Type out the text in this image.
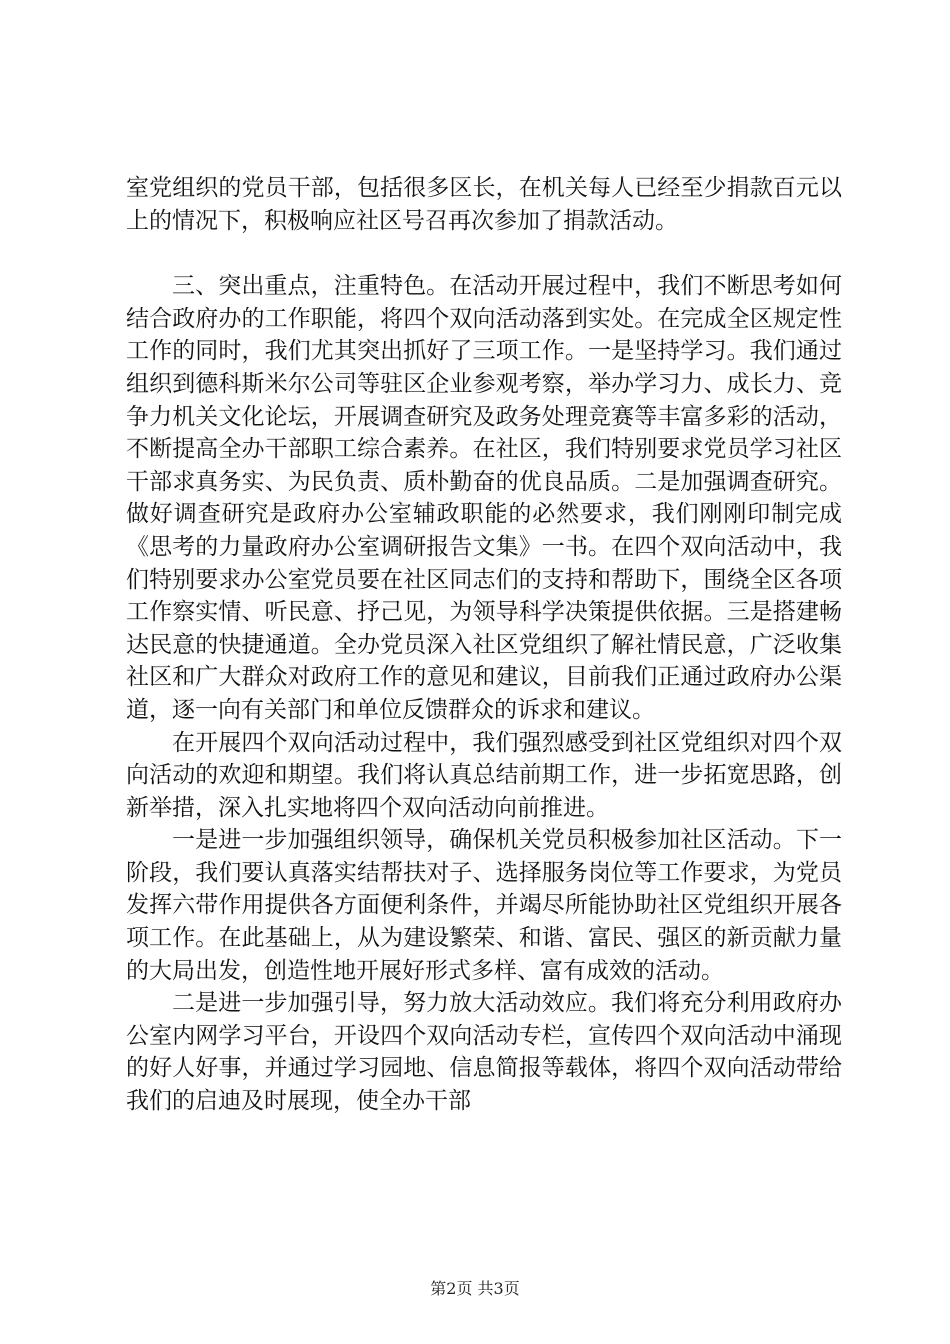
室党组织的党员干部，包括很多区长，在机关每人已经至少捐款百元以上的情况下，积极响应社区号召再次参加了捐款活动。

三、突出重点，注重特色。在活动开展过程中，我们不断思考如何结合政府办的工作职能，将四个双向活动落到实处。在完成全区规定性工作的同时，我们尤其突出抓好了三项工作。一是坚持学习。我们通过组织到德科斯米尔公司等驻区企业参观考察，举办学习力、成长力、竞争力机关文化论坛，开展调查研究及政务处理竞赛等丰富多彩的活动，不断提高全办干部职工综合素养。在社区，我们特别要求党员学习社区干部求真务实、为民负责、质朴勤奋的优良品质。二是加强调查研究。做好调查研究是政府办公室辅政职能的必然要求，我们刚刚印制完成《思考的力量政府办公室调研报告文集》一书。在四个双向活动中，我们特别要求办公室党员要在社区同志们的支持和帮助下，围绕全区各项工作察实情、听民意、抒己见，为领导科学决策提供依据。三是搭建畅达民意的快捷通道。全办党员深入社区党组织了解社情民意，广泛收集社区和广大群众对政府工作的意见和建议，目前我们正通过政府办公渠道，逐一向有关部门和单位反馈群众的诉求和建议。

在开展四个双向活动过程中，我们强烈感受到社区党组织对四个双向活动的欢迎和期望。我们将认真总结前期工作，进一步拓宽思路，创新举措，深入扎实地将四个双向活动向前推进。

一是进一步加强组织领导，确保机关党员积极参加社区活动。下一阶段，我们要认真落实结帮扶对子、选择服务岗位等工作要求，为党员发挥六带作用提供各方面便利条件，并竭尽所能协助社区党组织开展各项工作。在此基础上，从为建设繁荣、和谐、富民、强区的新贡献力量的大局出发，创造性地开展好形式多样、富有成效的活动。

二是进一步加强引导，努力放大活动效应。我们将充分利用政府办公室内网学习平台，开设四个双向活动专栏，宣传四个双向活动中涌现的好人好事，并通过学习园地、信息简报等载体，将四个双向活动带给我们的启迪及时展现，使全办干部

第2页 共3页
